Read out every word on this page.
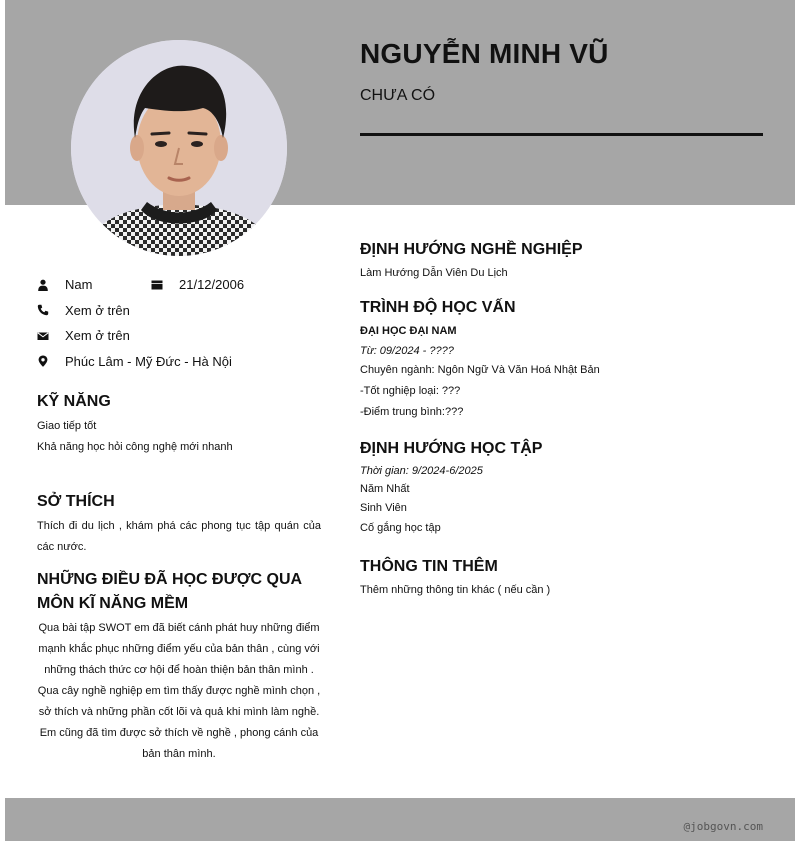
NGUYỄN MINH VŨ
CHƯA CÓ
Nam	21/12/2006
Xem ở trên
Xem ở trên
Phúc Lâm - Mỹ Đức - Hà Nội
KỸ NĂNG
Giao tiếp tốt
Khả năng học hỏi công nghệ mới nhanh
SỞ THÍCH
Thích đi du lịch , khám phá các phong tục tập quán của các nước.
NHỮNG ĐIỀU ĐÃ HỌC ĐƯỢC QUA MÔN KĨ NĂNG MỀM
Qua bài tập SWOT em đã biết cánh phát huy những điểm mạnh khắc phục những điểm yếu của bản thân , cùng với những thách thức cơ hội để hoàn thiện bản thân mình . Qua cây nghề nghiệp em tìm thấy được nghề mình chọn , sở thích và những phần cốt lõi và quả khi mình làm nghề. Em cũng đã tìm được sở thích về nghề , phong cánh của bản thân mình.
ĐỊNH HƯỚNG NGHỀ NGHIỆP
Làm Hướng Dẫn Viên Du Lịch
TRÌNH ĐỘ HỌC VẤN
ĐẠI HỌC ĐẠI NAM
Từ: 09/2024 - ????
Chuyên ngành: Ngôn Ngữ Và Văn Hoá Nhật Bản
-Tốt nghiệp loại: ???
-Điểm trung bình:???
ĐỊNH HƯỚNG HỌC TẬP
Thời gian: 9/2024-6/2025
Năm Nhất
Sinh Viên
Cố gắng học tập
THÔNG TIN THÊM
Thêm những thông tin khác ( nếu cần )
@jobgovn.com
